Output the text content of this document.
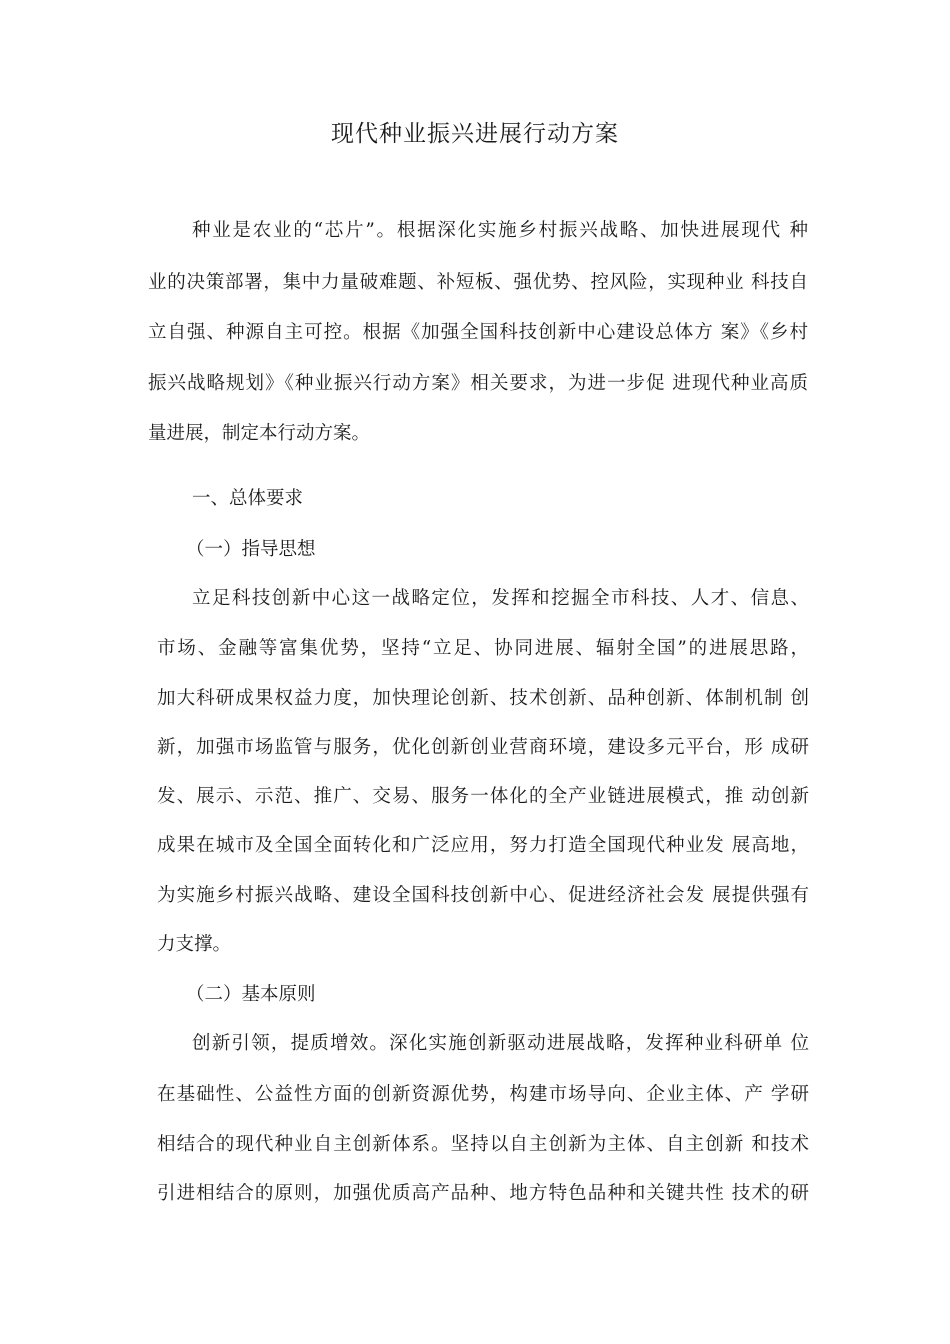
现代种业振兴进展行动方案

种业是农业的“芯片”。根据深化实施乡村振兴战略、加快进展现代 种

业的决策部署，集中力量破难题、补短板、强优势、控风险，实现种业 科技自

立自强、种源自主可控。根据《加强全国科技创新中心建设总体方 案》《乡村

振兴战略规划》《种业振兴行动方案》相关要求，为进一步促 进现代种业高质

量进展，制定本行动方案。

一、总体要求

（一）指导思想

立足科技创新中心这一战略定位，发挥和挖掘全市科技、人才、信息、

市场、金融等富集优势，坚持“立足、协同进展、辐射全国”的进展思路，

加大科研成果权益力度，加快理论创新、技术创新、品种创新、体制机制 创

新，加强市场监管与服务，优化创新创业营商环境，建设多元平台，形 成研

发、展示、示范、推广、交易、服务一体化的全产业链进展模式，推 动创新

成果在城市及全国全面转化和广泛应用，努力打造全国现代种业发 展高地，

为实施乡村振兴战略、建设全国科技创新中心、促进经济社会发 展提供强有

力支撑。

（二）基本原则

创新引领，提质增效。深化实施创新驱动进展战略，发挥种业科研单 位

在基础性、公益性方面的创新资源优势，构建市场导向、企业主体、产 学研

相结合的现代种业自主创新体系。坚持以自主创新为主体、自主创新 和技术

引进相结合的原则，加强优质高产品种、地方特色品种和关键共性 技术的研
